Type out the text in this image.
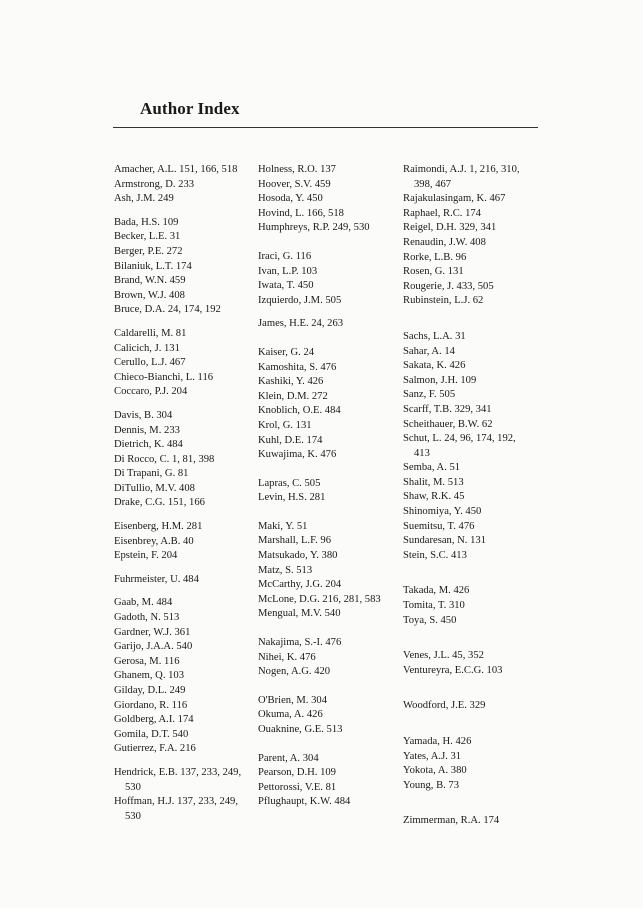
Author Index
Amacher, A.L. 151, 166, 518
Armstrong, D. 233
Ash, J.M. 249
Bada, H.S. 109
Becker, L.E. 31
Berger, P.E. 272
Bilaniuk, L.T. 174
Brand, W.N. 459
Brown, W.J. 408
Bruce, D.A. 24, 174, 192
Caldarelli, M. 81
Calicich, J. 131
Cerullo, L.J. 467
Chieco-Bianchi, L. 116
Coccaro, P.J. 204
Davis, B. 304
Dennis, M. 233
Dietrich, K. 484
Di Rocco, C. 1, 81, 398
Di Trapani, G. 81
DiTullio, M.V. 408
Drake, C.G. 151, 166
Eisenberg, H.M. 281
Eisenbrey, A.B. 40
Epstein, F. 204
Fuhrmeister, U. 484
Gaab, M. 484
Gadoth, N. 513
Gardner, W.J. 361
Garijo, J.A.A. 540
Gerosa, M. 116
Ghanem, Q. 103
Gilday, D.L. 249
Giordano, R. 116
Goldberg, A.I. 174
Gomila, D.T. 540
Gutierrez, F.A. 216
Hendrick, E.B. 137, 233, 249,
530
Hoffman, H.J. 137, 233, 249,
530
Holness, R.O. 137
Hoover, S.V. 459
Hosoda, Y. 450
Hovind, L. 166, 518
Humphreys, R.P. 249, 530
Iraci, G. 116
Ivan, L.P. 103
Iwata, T. 450
Izquierdo, J.M. 505
James, H.E. 24, 263
Kaiser, G. 24
Kamoshita, S. 476
Kashiki, Y. 426
Klein, D.M. 272
Knoblich, O.E. 484
Krol, G. 131
Kuhl, D.E. 174
Kuwajima, K. 476
Lapras, C. 505
Levin, H.S. 281
Maki, Y. 51
Marshall, L.F. 96
Matsukado, Y. 380
Matz, S. 513
McCarthy, J.G. 204
McLone, D.G. 216, 281, 583
Mengual, M.V. 540
Nakajima, S.-I. 476
Nihei, K. 476
Nogen, A.G. 420
O'Brien, M. 304
Okuma, A. 426
Ouaknine, G.E. 513
Parent, A. 304
Pearson, D.H. 109
Pettorossi, V.E. 81
Pflughaupt, K.W. 484
Raimondi, A.J. 1, 216, 310,
398, 467
Rajakulasingam, K. 467
Raphael, R.C. 174
Reigel, D.H. 329, 341
Renaudin, J.W. 408
Rorke, L.B. 96
Rosen, G. 131
Rougerie, J. 433, 505
Rubinstein, L.J. 62
Sachs, L.A. 31
Sahar, A. 14
Sakata, K. 426
Salmon, J.H. 109
Sanz, F. 505
Scarff, T.B. 329, 341
Scheithauer, B.W. 62
Schut, L. 24, 96, 174, 192,
413
Semba, A. 51
Shalit, M. 513
Shaw, R.K. 45
Shinomiya, Y. 450
Suemitsu, T. 476
Sundaresan, N. 131
Stein, S.C. 413
Takada, M. 426
Tomita, T. 310
Toya, S. 450
Venes, J.L. 45, 352
Ventureyra, E.C.G. 103
Woodford, J.E. 329
Yamada, H. 426
Yates, A.J. 31
Yokota, A. 380
Young, B. 73
Zimmerman, R.A. 174
